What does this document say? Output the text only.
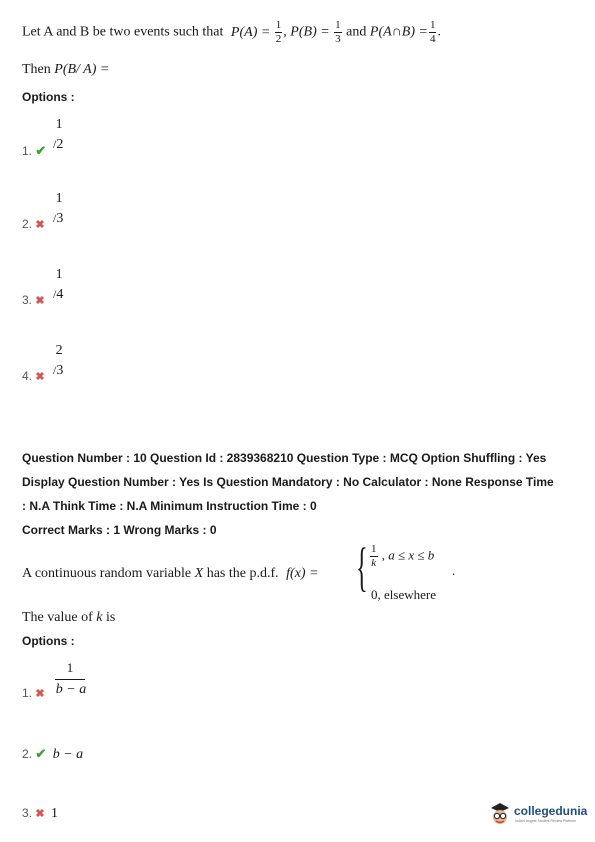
Let A and B be two events such that $P(A) = \frac{1}{2}$ , $P(B) = \frac{1}{3}$ and P(A∩B) = $\frac{1}{4}$ .
Then P(B/ A) =
Options :
1. ✔
1
/2
2. ✖
1
/3
3. ✖
1
/4
4. ✖
2
/3
Question Number : 10 Question Id : 2839368210 Question Type : MCQ Option Shuffling : Yes
Display Question Number : Yes Is Question Mandatory : No Calculator : None Response Time
: N.A Think Time : N.A Minimum Instruction Time : 0
Correct Marks : 1 Wrong Marks : 0
A continuous random variable X has the p.d.f. f(x) = { $\frac{1}{k}$ , a ≤ x ≤ b
0, elsewhere
.
The value of k is
Options :
1. ✖
1
b − a
2. ✔ b − a
3. ✖ 1	collegedunia
India's largest Student Review Platform
